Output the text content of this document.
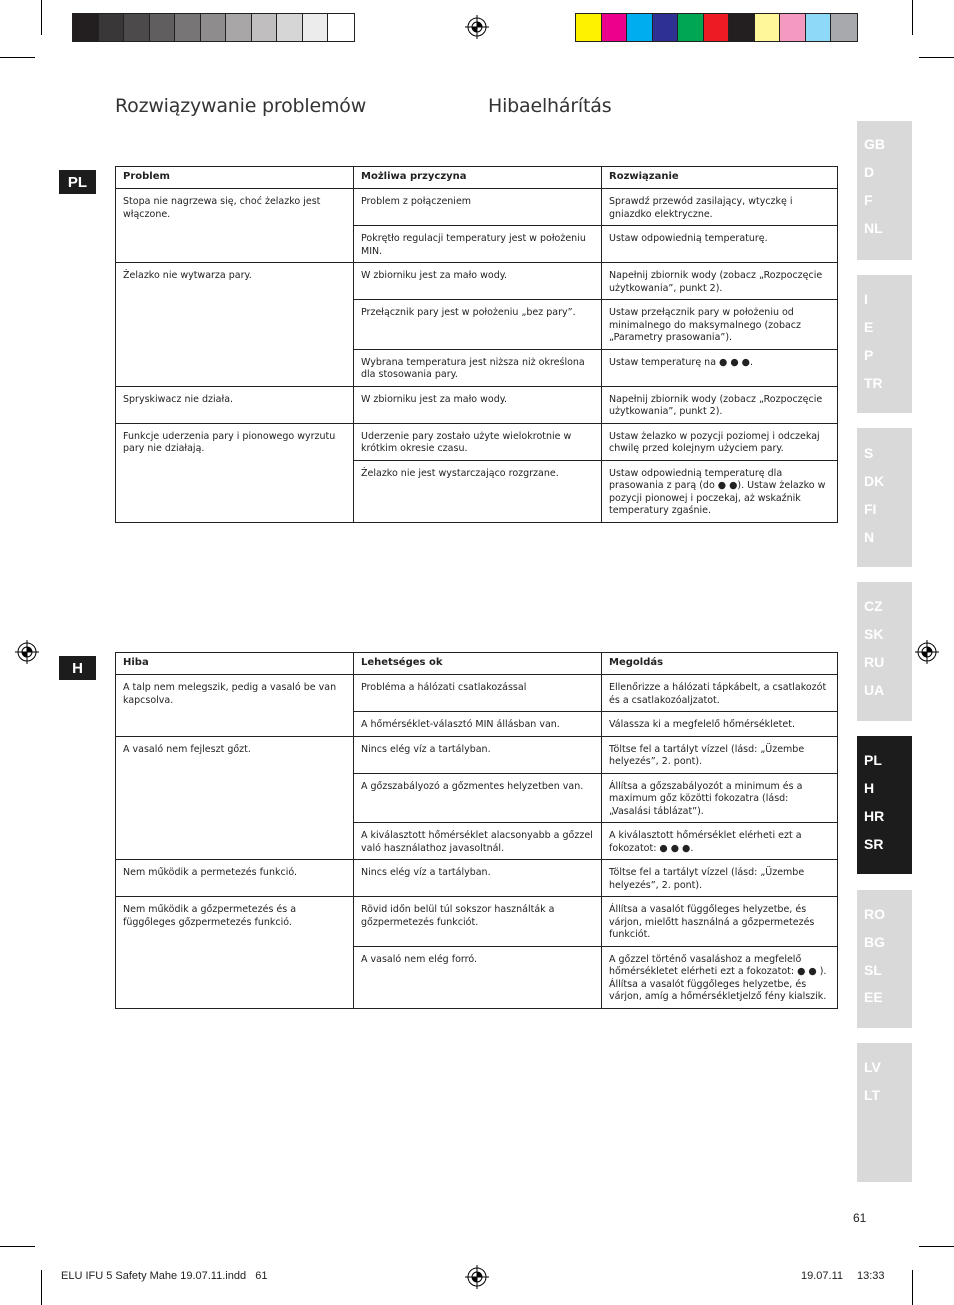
Rozwiązywanie problemów	Hibaelhárítás
PL	Problem	Możliwa przyczyna	Rozwiązanie
Stopa nie nagrzewa się, choć żelazko jest włączone.	Problem z połączeniem	Sprawdź przewód zasilający, wtyczkę i gniazdko elektryczne.
	Pokrętło regulacji temperatury jest w położeniu MIN.	Ustaw odpowiednią temperaturę.
Żelazko nie wytwarza pary.	W zbiorniku jest za mało wody.	Napełnij zbiornik wody (zobacz „Rozpoczęcie użytkowania”, punkt 2).
	Przełącznik pary jest w położeniu „bez pary”.	Ustaw przełącznik pary w położeniu od minimalnego do maksymalnego (zobacz „Parametry prasowania”).
	Wybrana temperatura jest niższa niż określona dla stosowania pary.	Ustaw temperaturę na ● ● ●.
Spryskiwacz nie działa.	W zbiorniku jest za mało wody.	Napełnij zbiornik wody (zobacz „Rozpoczęcie użytkowania”, punkt 2).
Funkcje uderzenia pary i pionowego wyrzutu pary nie działają.	Uderzenie pary zostało użyte wielokrotnie w krótkim okresie czasu.	Ustaw żelazko w pozycji poziomej i odczekaj chwilę przed kolejnym użyciem pary.
	Żelazko nie jest wystarczająco rozgrzane.	Ustaw odpowiednią temperaturę dla prasowania z parą (do ● ●). Ustaw żelazko w pozycji pionowej i poczekaj, aż wskaźnik temperatury zgaśnie.
H	Hiba	Lehetséges ok	Megoldás
A talp nem melegszik, pedig a vasaló be van kapcsolva.	Probléma a hálózati csatlakozással	Ellenőrizze a hálózati tápkábelt, a csatlakozót és a csatlakozóaljzatot.
	A hőmérséklet-választó MIN állásban van.	Válassza ki a megfelelő hőmérsékletet.
A vasaló nem fejleszt gőzt.	Nincs elég víz a tartályban.	Töltse fel a tartályt vízzel (lásd: „Üzembe helyezés”, 2. pont).
	A gőzszabályozó a gőzmentes helyzetben van.	Állítsa a gőzszabályozót a minimum és a maximum gőz közötti fokozatra (lásd: „Vasalási táblázat”).
	A kiválasztott hőmérséklet alacsonyabb a gőzzel való használathoz javasoltnál.	A kiválasztott hőmérséklet elérheti ezt a fokozatot: ● ● ●.
Nem működik a permetezés funkció.	Nincs elég víz a tartályban.	Töltse fel a tartályt vízzel (lásd: „Üzembe helyezés”, 2. pont).
Nem működik a gőzpermetezés és a függőleges gőzpermetezés funkció.	Rövid időn belül túl sokszor használták a gőzpermetezés funkciót.	Állítsa a vasalót függőleges helyzetbe, és várjon, mielőtt használná a gőzpermetezés funkciót.
	A vasaló nem elég forró.	A gőzzel történő vasaláshoz a megfelelő hőmérsékletet elérheti ezt a fokozatot: ● ● ). Állítsa a vasalót függőleges helyzetbe, és várjon, amíg a hőmérsékletjelző fény kialszik.
GB
D
F
NL
I
E
P
TR
S
DK
FI
N
CZ
SK
RU
UA
PL
H
HR
SR
RO
BG
SL
EE
LV
LT
61
ELU IFU 5 Safety Mahe 19.07.11.indd   61	19.07.11 13:33
